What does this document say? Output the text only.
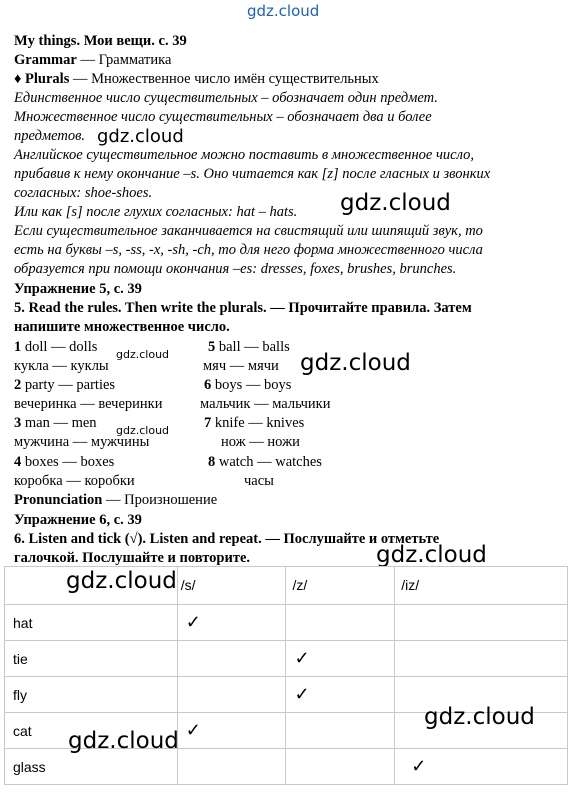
gdz.cloud
gdz.cloud
gdz.cloud
gdz.cloud
gdz.cloud
gdz.cloud
gdz.cloud
My things. Мои вещи. с. 39
Grammar — Грамматика
♦ Plurals — Множественное число имён существительных
Единственное число существительных – обозначает один предмет.
Множественное число существительных – обозначает два и более
предметов.
Английское существительное можно поставить в множественное число,
прибавив к нему окончание –s. Оно читается как [z] после гласных и звонких
согласных: shoe-shoes.
Или как [s] после глухих согласных: hat – hats.
Если существительное заканчивается на свистящий или шипящий звук, то
есть на буквы –s, -ss, -x, -sh, -ch, то для него форма множественного числа
образуется при помощи окончания –es: dresses, foxes, brushes, brunches.
Упражнение 5, с. 39
5. Read the rules. Then write the plurals. — Прочитайте правила. Затем
напишите множественное число.
1 doll — dolls
кукла — куклы
5 ball — balls
мяч — мячи
2 party — parties
вечеринка — вечеринки
6 boys — boys
мальчик — мальчики
3 man — men
мужчина — мужчины
7 knife — knives
нож — ножи
4 boxes — boxes
коробка — коробки
8 watch — watches
часы
Pronunciation — Произношение
Упражнение 6, с. 39
6. Listen and tick (√). Listen and repeat. — Послушайте и отметьте
галочкой. Послушайте и повторите.
	/s/	/z/	/iz/
hat	✓		
tie		✓	
fly		✓	
cat	✓		
glass			✓
gdz.cloud
gdz.cloud
gdz.cloud
